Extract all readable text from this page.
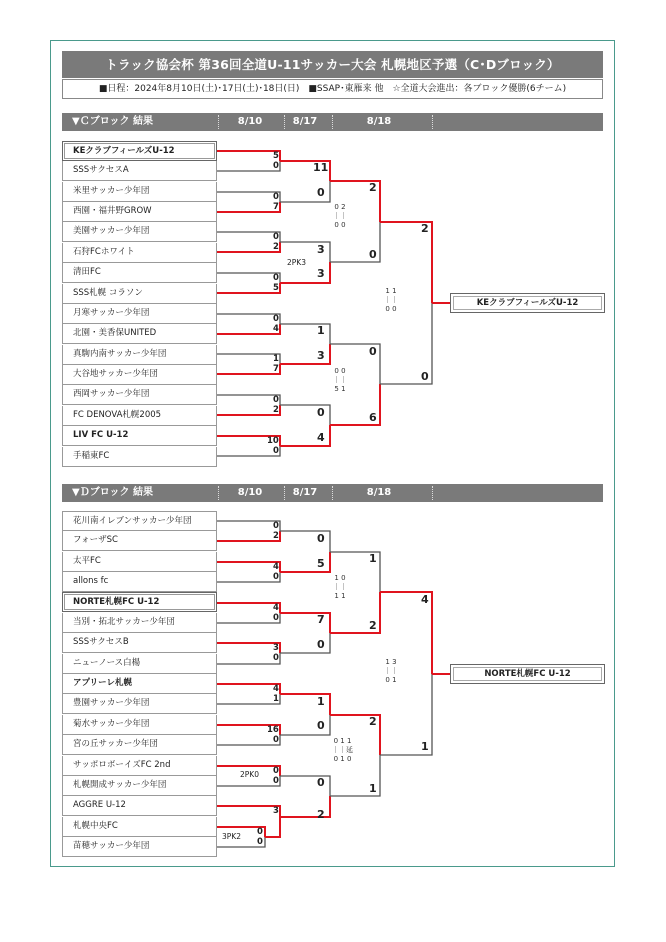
トラック協会杯 第36回全道U-11サッカー大会 札幌地区予選（C･Dブロック）
■日程：2024年8月10日(土)･17日(土)･18日(日)　■SSAP･東雁来 他　☆全道大会進出：各ブロック優勝(6チーム)
▼Ｃブロック 結果	8/10	8/17	8/18
▼Ｄブロック 結果	8/10	8/17	8/18
KEクラブフィールズU-12
SSSサクセスA
米里サッカー少年団
西園・福井野GROW
美園サッカー少年団
石狩FCホワイト
清田FC
SSS札幌 コラソン
月寒サッカー少年団
北園・美香保UNITED
真駒内南サッカー少年団
大谷地サッカー少年団
西岡サッカー少年団
FC DENOVA札幌2005
LIV FC U-12
手稲東FC
5
0
0
7
0
2
0
5
0
4
1
7
0
2
10
0
11
0
3
3
2PK3
1
3
0
4
2
0
0 2
｜｜
0 0
0
6
0 0
｜｜
5 1
2
0
1 1
｜｜
0 0
KEクラブフィールズU-12
花川南イレブンサッカー少年団
フォーザSC
太平FC
allons fc
NORTE札幌FC U-12
当別・拓北サッカー少年団
SSSサクセスB
ニューノース白楊
アプリーレ札幌
豊園サッカー少年団
菊水サッカー少年団
宮の丘サッカー少年団
サッポロボーイズFC 2nd
札幌開成サッカー少年団
AGGRE U-12
札幌中央FC
苗穂サッカー少年団
0
2
4
0
4
0
3
0
4
1
16
0
0
0
2PK0
3
0
0
3PK2
0
5
7
0
1
0
0
2
1
2
1 0
｜｜
1 1
2
1
0 1 1
｜｜延
0 1 0
4
1
1 3
｜｜
0 1
NORTE札幌FC U-12
